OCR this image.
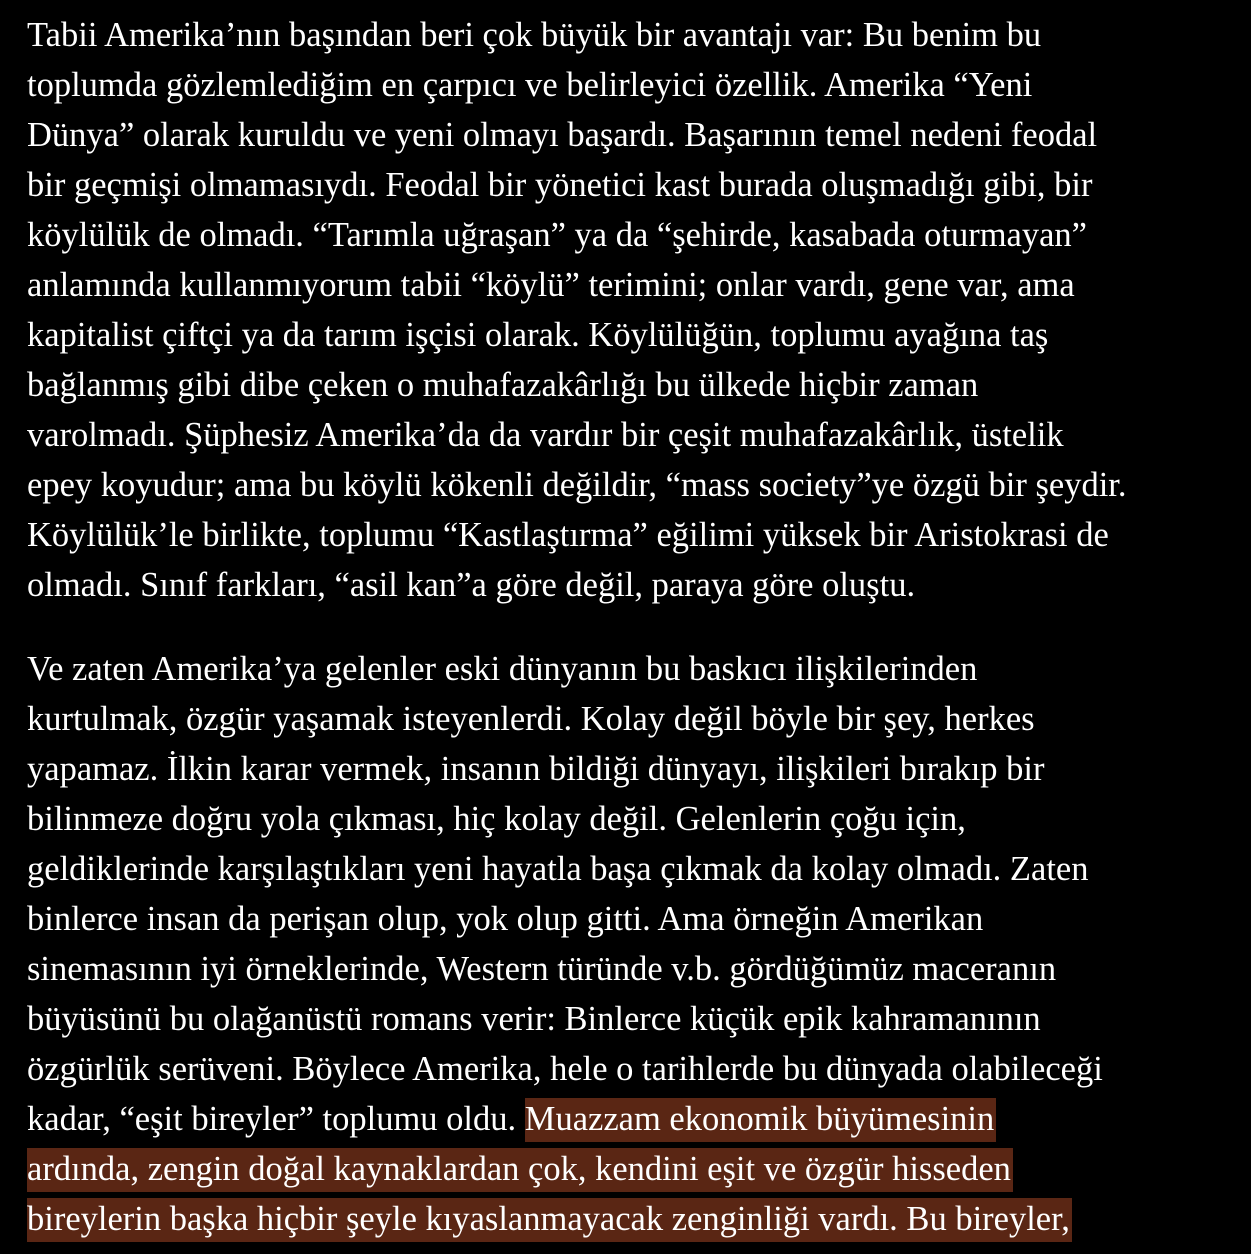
Tabii Amerika’nın başından beri çok büyük bir avantajı var: Bu benim bu
toplumda gözlemlediğim en çarpıcı ve belirleyici özellik. Amerika “Yeni
Dünya” olarak kuruldu ve yeni olmayı başardı. Başarının temel nedeni feodal
bir geçmişi olmamasıydı. Feodal bir yönetici kast burada oluşmadığı gibi, bir
köylülük de olmadı. “Tarımla uğraşan” ya da “şehirde, kasabada oturmayan”
anlamında kullanmıyorum tabii “köylü” terimini; onlar vardı, gene var, ama
kapitalist çiftçi ya da tarım işçisi olarak. Köylülüğün, toplumu ayağına taş
bağlanmış gibi dibe çeken o muhafazakârlığı bu ülkede hiçbir zaman
varolmadı. Şüphesiz Amerika’da da vardır bir çeşit muhafazakârlık, üstelik
epey koyudur; ama bu köylü kökenli değildir, “mass society”ye özgü bir şeydir.
Köylülük’le birlikte, toplumu “Kastlaştırma” eğilimi yüksek bir Aristokrasi de
olmadı. Sınıf farkları, “asil kan”a göre değil, paraya göre oluştu.
Ve zaten Amerika’ya gelenler eski dünyanın bu baskıcı ilişkilerinden
kurtulmak, özgür yaşamak isteyenlerdi. Kolay değil böyle bir şey, herkes
yapamaz. İlkin karar vermek, insanın bildiği dünyayı, ilişkileri bırakıp bir
bilinmeze doğru yola çıkması, hiç kolay değil. Gelenlerin çoğu için,
geldiklerinde karşılaştıkları yeni hayatla başa çıkmak da kolay olmadı. Zaten
binlerce insan da perişan olup, yok olup gitti. Ama örneğin Amerikan
sinemasının iyi örneklerinde, Western türünde v.b. gördüğümüz maceranın
büyüsünü bu olağanüstü romans verir: Binlerce küçük epik kahramanının
özgürlük serüveni. Böylece Amerika, hele o tarihlerde bu dünyada olabileceği
kadar, “eşit bireyler” toplumu oldu. Muazzam ekonomik büyümesinin
ardında, zengin doğal kaynaklardan çok, kendini eşit ve özgür hisseden
bireylerin başka hiçbir şeyle kıyaslanmayacak zenginliği vardı. Bu bireyler,
